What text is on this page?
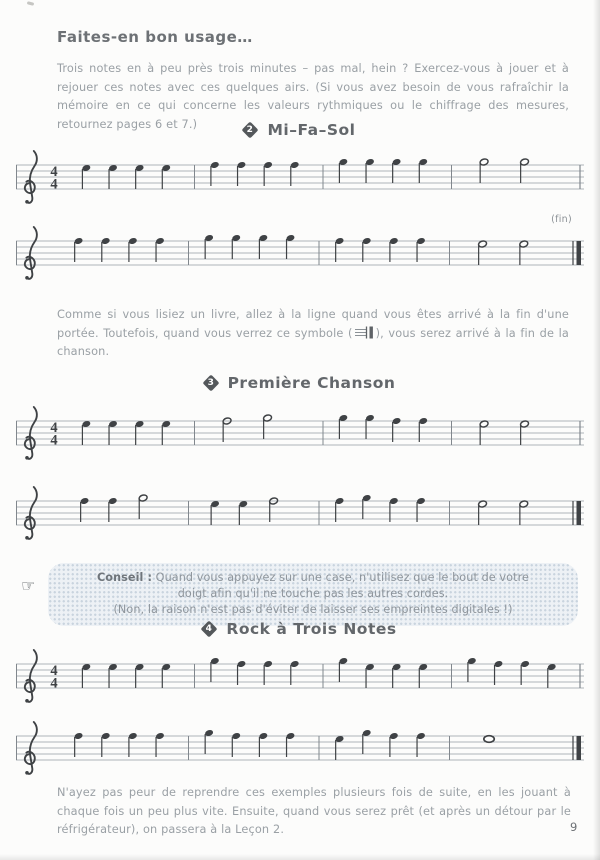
Faites-en bon usage…

Trois notes en à peu près trois minutes – pas mal, hein ? Exercez-vous à jouer et à rejouer ces notes avec ces quelques airs. (Si vous avez besoin de vous rafraîchir la mémoire en ce qui concerne les valeurs rythmiques ou le chiffrage des mesures, retournez pages 6 et 7.)	2 Mi–Fa–Sol
4
4
(fin)

Comme si vous lisiez un livre, allez à la ligne quand vous êtes arrivé à la fin d'une portée. Toutefois, quand vous verrez ce symbole ( ), vous serez arrivé à la fin de la chanson.

3 Première Chanson
4
4
☞	Conseil : Quand vous appuyez sur une case, n'utilisez que le bout de votre doigt afin qu'il ne touche pas les autres cordes.

(Non, la raison n'est pas d'éviter de laisser ses empreintes digitales !)

4 Rock à Trois Notes
4
4

N'ayez pas peur de reprendre ces exemples plusieurs fois de suite, en les jouant à chaque fois un peu plus vite. Ensuite, quand vous serez prêt (et après un détour par le réfrigérateur), on passera à la Leçon 2.	9
